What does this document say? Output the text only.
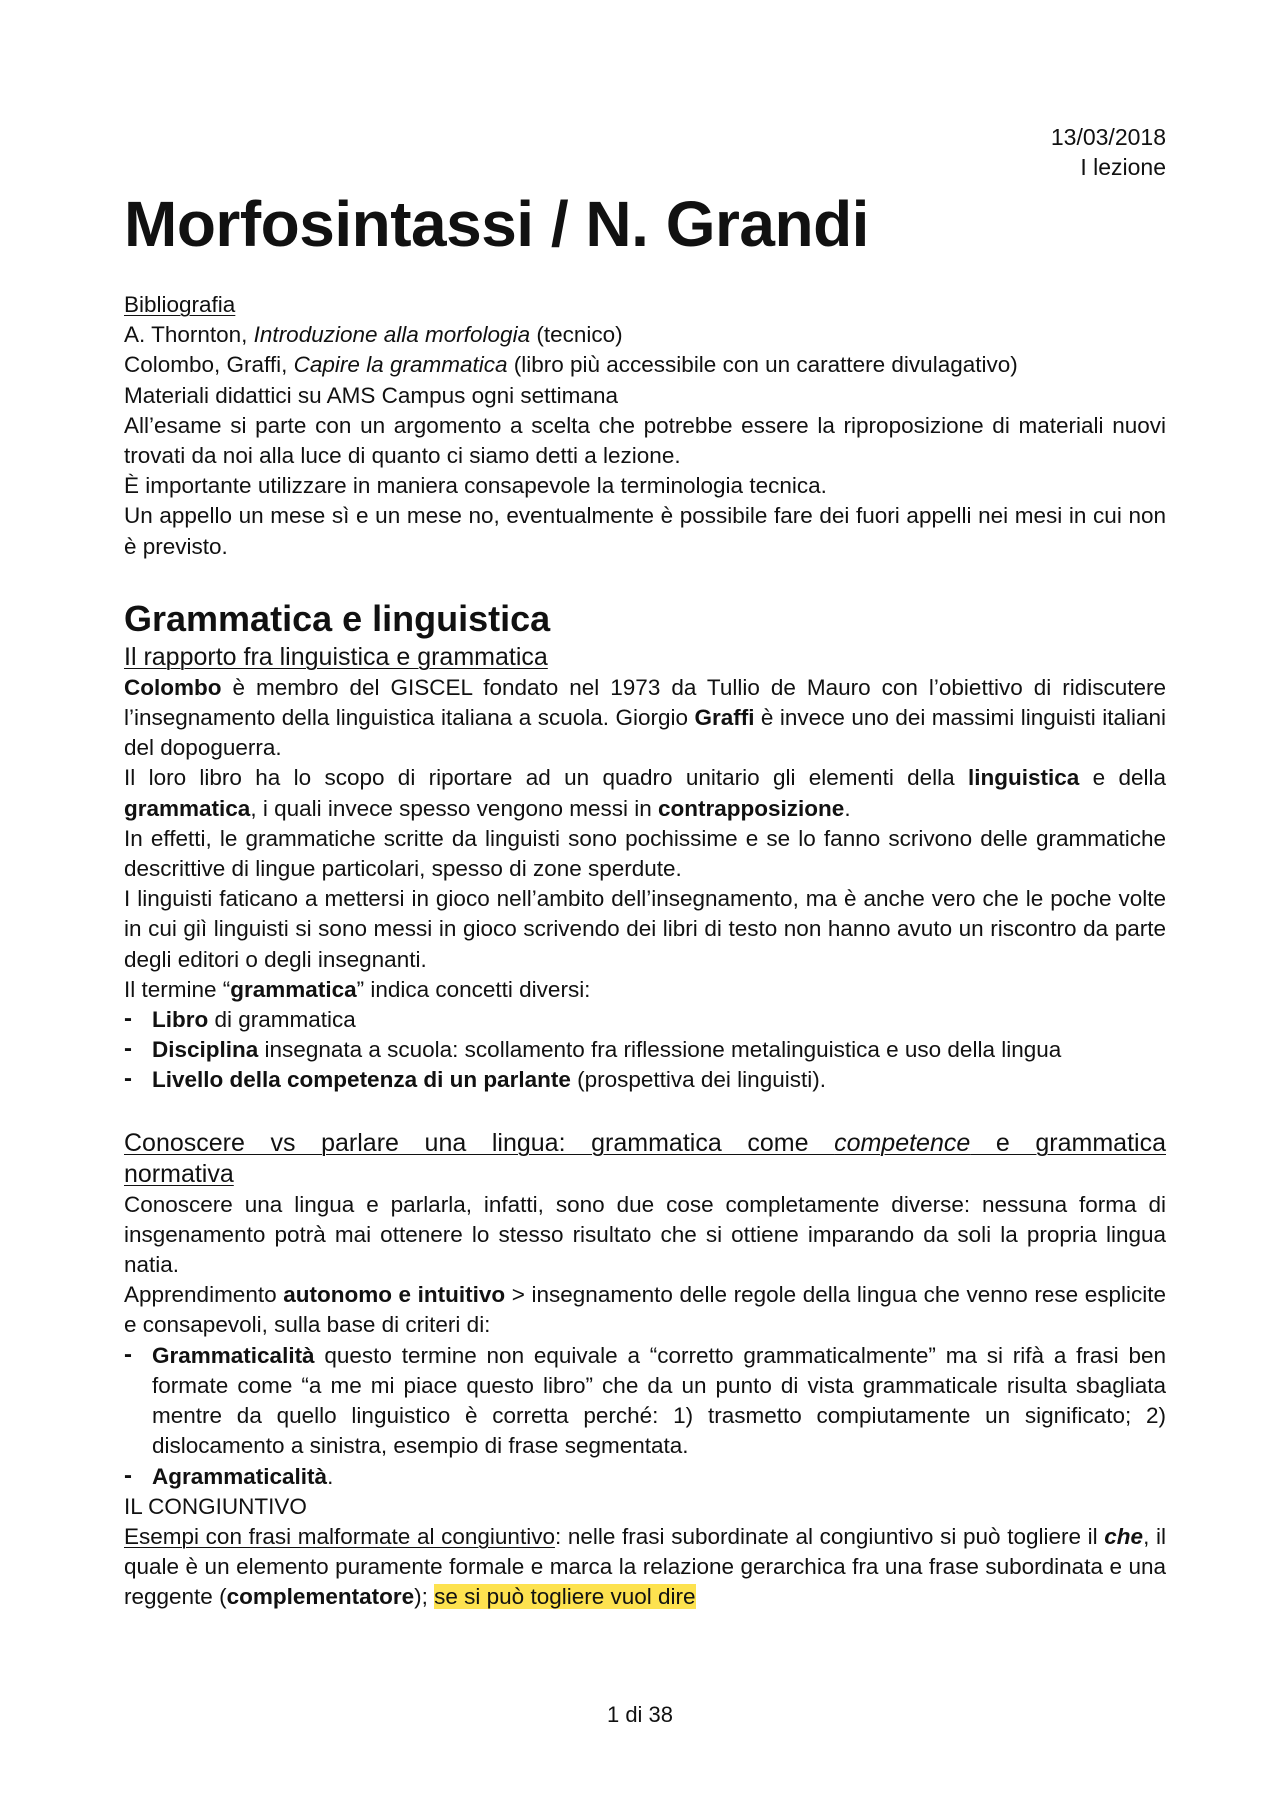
13/03/2018
I lezione
Morfosintassi / N. Grandi

Bibliografia

A. Thornton, Introduzione alla morfologia (tecnico)

Colombo, Graffi, Capire la grammatica (libro più accessibile con un carattere divulagativo)

Materiali didattici su AMS Campus ogni settimana

All’esame si parte con un argomento a scelta che potrebbe essere la riproposizione di materiali nuovi trovati da noi alla luce di quanto ci siamo detti a lezione.

È importante utilizzare in maniera consapevole la terminologia tecnica.

Un appello un mese sì e un mese no, eventualmente è possibile fare dei fuori appelli nei mesi in cui non è previsto.

Grammatica e linguistica

Il rapporto fra linguistica e grammatica

Colombo è membro del GISCEL fondato nel 1973 da Tullio de Mauro con l’obiettivo di ridiscutere l’insegnamento della linguistica italiana a scuola. Giorgio Graffi è invece uno dei massimi linguisti italiani del dopoguerra.

Il loro libro ha lo scopo di riportare ad un quadro unitario gli elementi della linguistica e della grammatica, i quali invece spesso vengono messi in contrapposizione.

In effetti, le grammatiche scritte da linguisti sono pochissime e se lo fanno scrivono delle grammatiche descrittive di lingue particolari, spesso di zone sperdute.

I linguisti faticano a mettersi in gioco nell’ambito dell’insegnamento, ma è anche vero che le poche volte in cui giì linguisti si sono messi in gioco scrivendo dei libri di testo non hanno avuto un riscontro da parte degli editori o degli insegnanti.

Il termine “grammatica” indica concetti diversi:

- Libro di grammatica
- Disciplina insegnata a scuola: scollamento fra riflessione metalinguistica e uso della lingua
- Livello della competenza di un parlante (prospettiva dei linguisti).

Conoscere vs parlare una lingua: grammatica come competence e grammatica

normativa

Conoscere una lingua e parlarla, infatti, sono due cose completamente diverse: nessuna forma di insgenamento potrà mai ottenere lo stesso risultato che si ottiene imparando da soli la propria lingua natia.

Apprendimento autonomo e intuitivo > insegnamento delle regole della lingua che venno rese esplicite e consapevoli, sulla base di criteri di:

- Grammaticalità questo termine non equivale a “corretto grammaticalmente” ma si rifà a frasi ben formate come “a me mi piace questo libro” che da un punto di vista grammaticale risulta sbagliata mentre da quello linguistico è corretta perché: 1) trasmetto compiutamente un significato; 2) dislocamento a sinistra, esempio di frase segmentata.
- Agrammaticalità.

IL CONGIUNTIVO

Esempi con frasi malformate al congiuntivo: nelle frasi subordinate al congiuntivo si può togliere il che, il quale è un elemento puramente formale e marca la relazione gerarchica fra una frase subordinata e una reggente (complementatore); se si può togliere vuol dire

1 di 38
